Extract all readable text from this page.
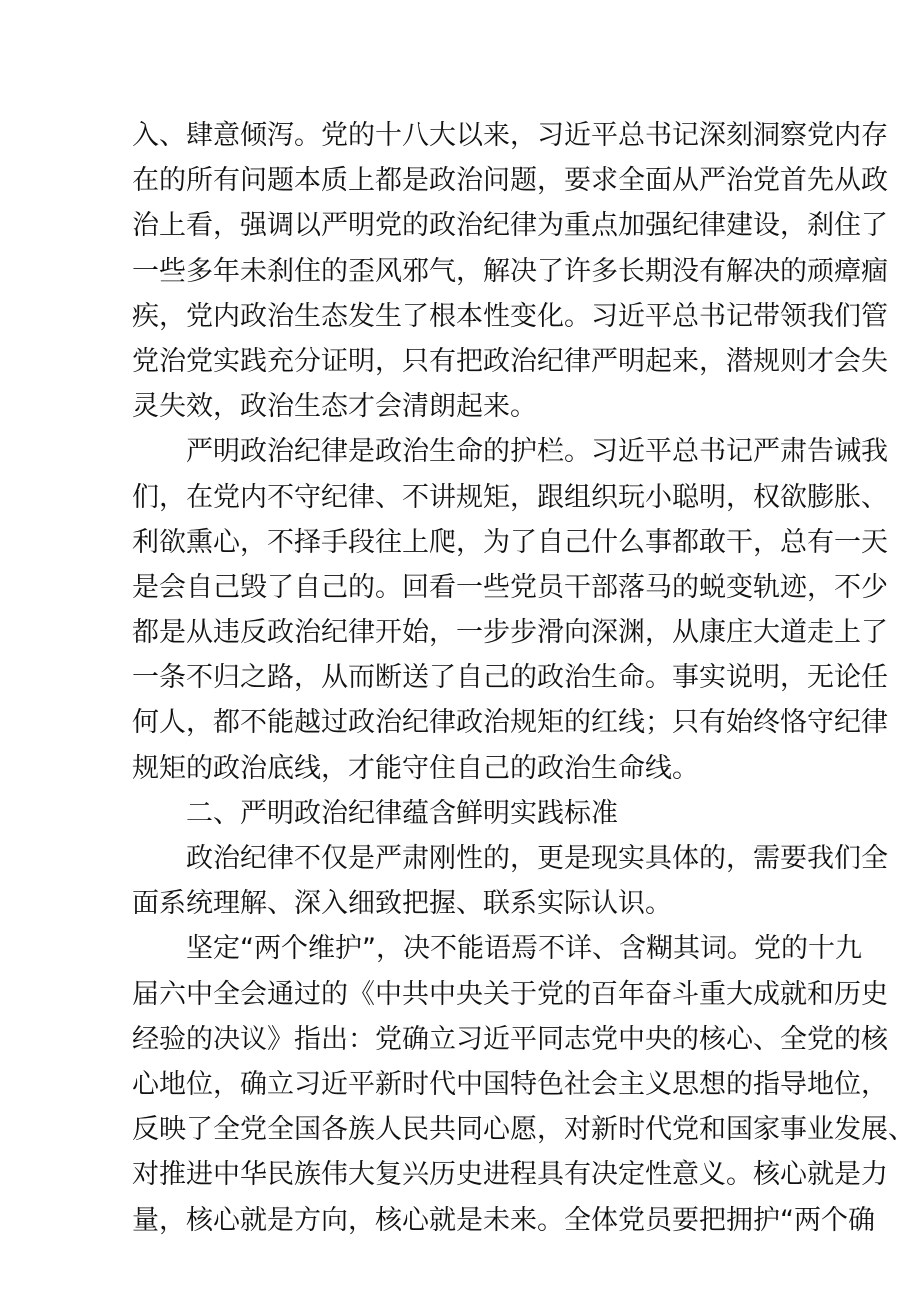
入、肆意倾泻。党的十八大以来，习近平总书记深刻洞察党内存
在的所有问题本质上都是政治问题，要求全面从严治党首先从政
治上看，强调以严明党的政治纪律为重点加强纪律建设，刹住了
一些多年未刹住的歪风邪气，解决了许多长期没有解决的顽瘴痼
疾，党内政治生态发生了根本性变化。习近平总书记带领我们管
党治党实践充分证明，只有把政治纪律严明起来，潜规则才会失
灵失效，政治生态才会清朗起来。
严明政治纪律是政治生命的护栏。习近平总书记严肃告诫我
们，在党内不守纪律、不讲规矩，跟组织玩小聪明，权欲膨胀、
利欲熏心，不择手段往上爬，为了自己什么事都敢干，总有一天
是会自己毁了自己的。回看一些党员干部落马的蜕变轨迹，不少
都是从违反政治纪律开始，一步步滑向深渊，从康庄大道走上了
一条不归之路，从而断送了自己的政治生命。事实说明，无论任
何人，都不能越过政治纪律政治规矩的红线；只有始终恪守纪律
规矩的政治底线，才能守住自己的政治生命线。
二、严明政治纪律蕴含鲜明实践标准
政治纪律不仅是严肃刚性的，更是现实具体的，需要我们全
面系统理解、深入细致把握、联系实际认识。
坚定“两个维护”，决不能语焉不详、含糊其词。党的十九
届六中全会通过的《中共中央关于党的百年奋斗重大成就和历史
经验的决议》指出：党确立习近平同志党中央的核心、全党的核
心地位，确立习近平新时代中国特色社会主义思想的指导地位，
反映了全党全国各族人民共同心愿，对新时代党和国家事业发展、
对推进中华民族伟大复兴历史进程具有决定性意义。核心就是力
量，核心就是方向，核心就是未来。全体党员要把拥护“两个确
